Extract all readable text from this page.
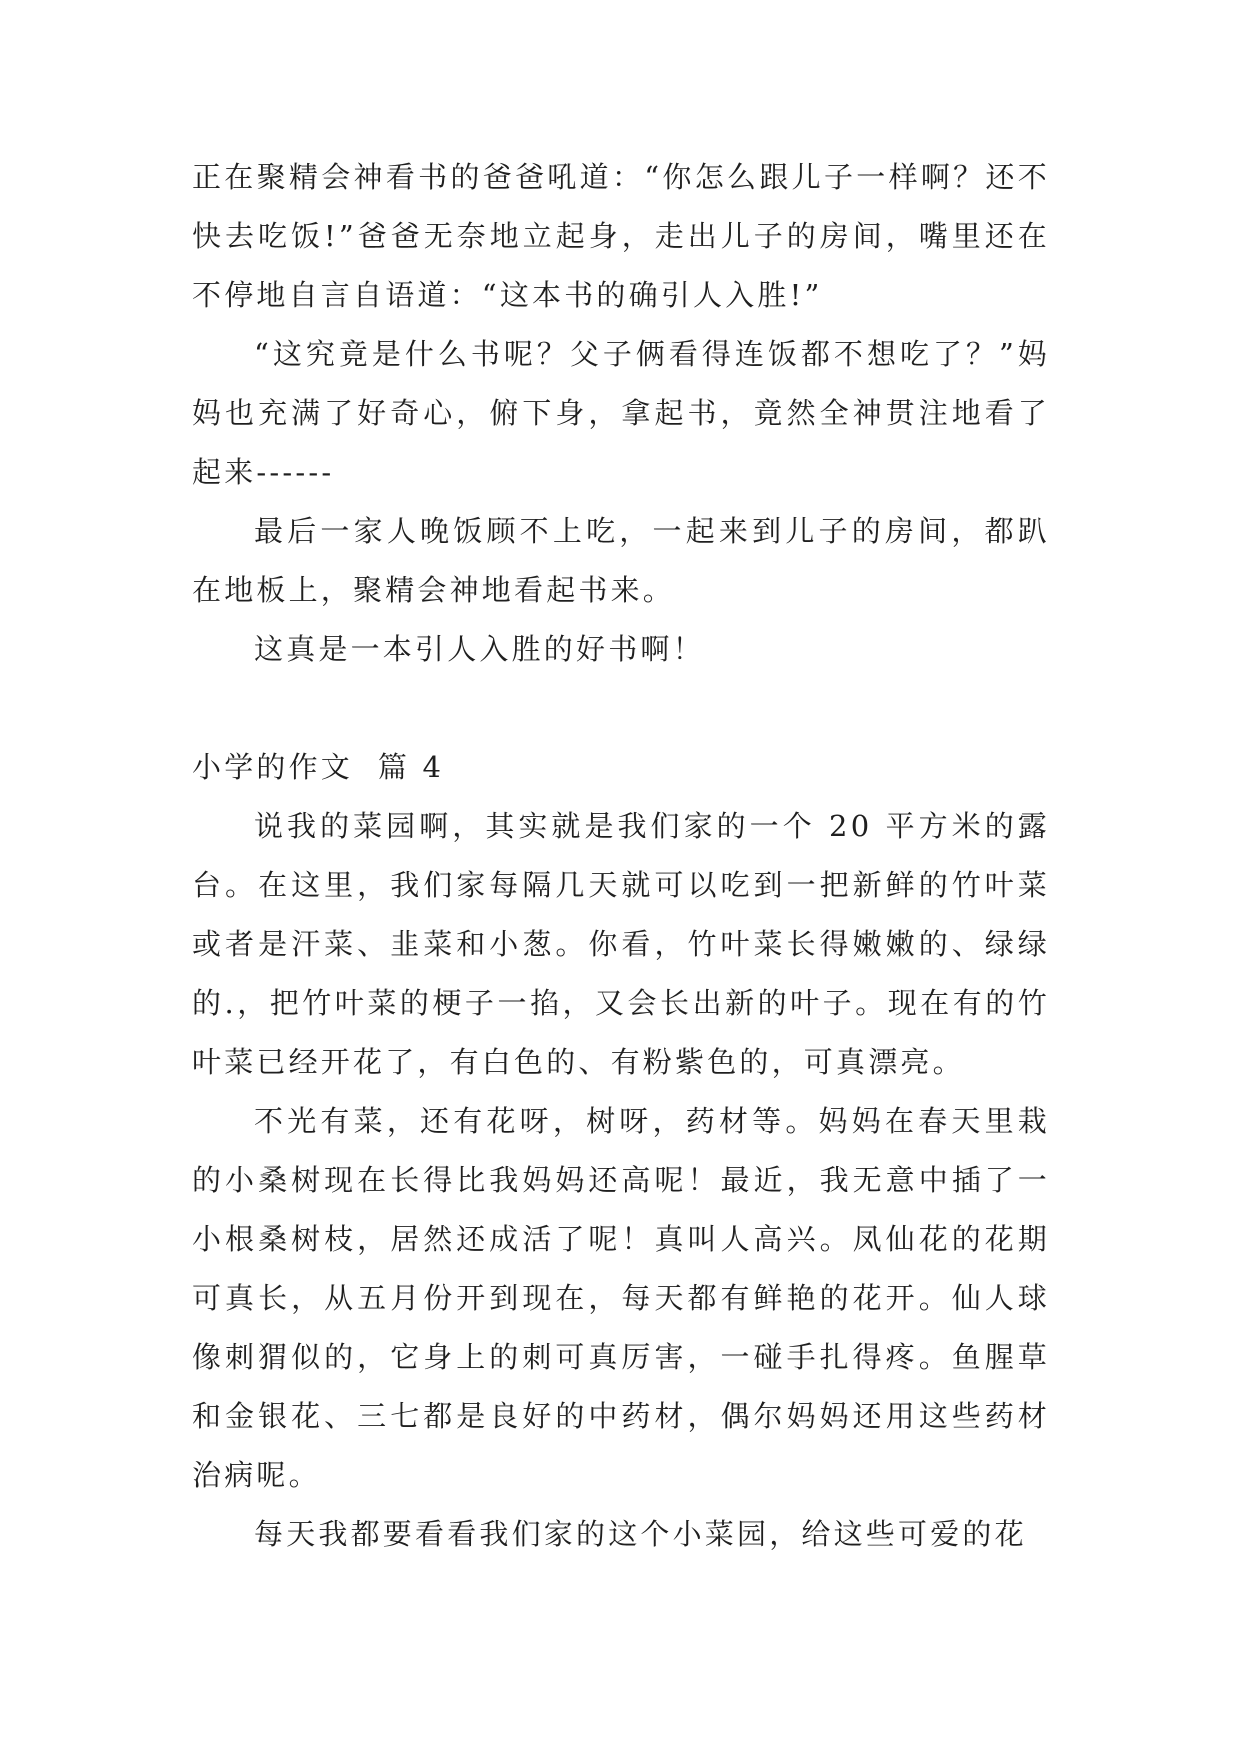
正在聚精会神看书的爸爸吼道：“你怎么跟儿子一样啊？还不快去吃饭!”爸爸无奈地立起身，走出儿子的房间，嘴里还在不停地自言自语道：“这本书的确引人入胜!”

“这究竟是什么书呢？父子俩看得连饭都不想吃了？”妈妈也充满了好奇心，俯下身，拿起书，竟然全神贯注地看了起来------

最后一家人晚饭顾不上吃，一起来到儿子的房间，都趴在地板上，聚精会神地看起书来。

这真是一本引人入胜的好书啊！

小学的作文  篇 4

说我的菜园啊，其实就是我们家的一个 20 平方米的露台。在这里，我们家每隔几天就可以吃到一把新鲜的竹叶菜或者是汗菜、韭菜和小葱。你看，竹叶菜长得嫩嫩的、绿绿的.，把竹叶菜的梗子一掐，又会长出新的叶子。现在有的竹叶菜已经开花了，有白色的、有粉紫色的，可真漂亮。

不光有菜，还有花呀，树呀，药材等。妈妈在春天里栽的小桑树现在长得比我妈妈还高呢！最近，我无意中插了一小根桑树枝，居然还成活了呢！真叫人高兴。凤仙花的花期可真长，从五月份开到现在，每天都有鲜艳的花开。仙人球像刺猬似的，它身上的刺可真厉害，一碰手扎得疼。鱼腥草和金银花、三七都是良好的中药材，偶尔妈妈还用这些药材治病呢。

每天我都要看看我们家的这个小菜园，给这些可爱的花
